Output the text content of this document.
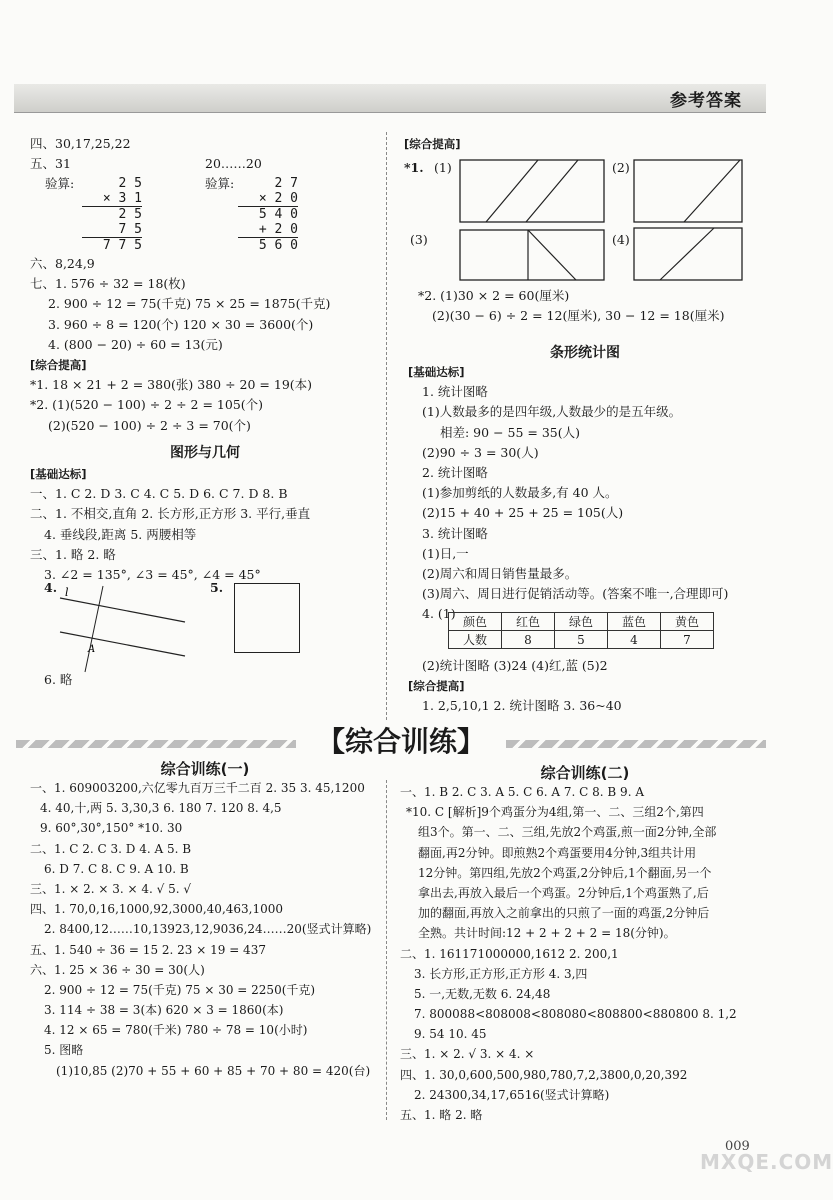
参考答案
四、30,17,25,22
五、31	20……20
验算:	验算:
2 5
× 3 1
2 5
7 5
7 7 5
2 7
× 2 0
5 4 0
+ 2 0
5 6 0
六、8,24,9
七、1. 576 ÷ 32 = 18(枚)
2. 900 ÷ 12 = 75(千克) 75 × 25 = 1875(千克)
3. 960 ÷ 8 = 120(个) 120 × 30 = 3600(个)
4. (800 − 20) ÷ 60 = 13(元)
[综合提高]
*1. 18 × 21 + 2 = 380(张) 380 ÷ 20 = 19(本)
*2. (1)(520 − 100) ÷ 2 ÷ 2 = 105(个)
(2)(520 − 100) ÷ 2 ÷ 3 = 70(个)
图形与几何
[基础达标]
一、1. C 2. D 3. C 4. C 5. D 6. C 7. D 8. B
二、1. 不相交,直角 2. 长方形,正方形 3. 平行,垂直
4. 垂线段,距离 5. 两腰相等
三、1. 略 2. 略
3. ∠2 = 135°, ∠3 = 45°, ∠4 = 45°
4.	5.
l
A
6. 略
[综合提高]
*1. (1)	(2)
(3)	(4)
*2. (1)30 × 2 = 60(厘米)
(2)(30 − 6) ÷ 2 = 12(厘米), 30 − 12 = 18(厘米)
条形统计图
[基础达标]
1. 统计图略
(1)人数最多的是四年级,人数最少的是五年级。
相差: 90 − 55 = 35(人)
(2)90 ÷ 3 = 30(人)
2. 统计图略
(1)参加剪纸的人数最多,有 40 人。
(2)15 + 40 + 25 + 25 = 105(人)
3. 统计图略
(1)日,一
(2)周六和周日销售量最多。
(3)周六、周日进行促销活动等。(答案不唯一,合理即可)
4. (1)
颜色	红色	绿色	蓝色	黄色
人数	8	5	4	7
(2)统计图略 (3)24 (4)红,蓝 (5)2
[综合提高]
1. 2,5,10,1 2. 统计图略 3. 36~40
【综合训练】
综合训练(一)
一、1. 609003200,六亿零九百万三千二百 2. 35 3. 45,1200
4. 40,十,两 5. 3,30,3 6. 180 7. 120 8. 4,5
9. 60°,30°,150° *10. 30
二、1. C 2. C 3. D 4. A 5. B
6. D 7. C 8. C 9. A 10. B
三、1. × 2. × 3. × 4. √ 5. √
四、1. 70,0,16,1000,92,3000,40,463,1000
2. 8400,12……10,13923,12,9036,24……20(竖式计算略)
五、1. 540 ÷ 36 = 15 2. 23 × 19 = 437
六、1. 25 × 36 ÷ 30 = 30(人)
2. 900 ÷ 12 = 75(千克) 75 × 30 = 2250(千克)
3. 114 ÷ 38 = 3(本) 620 × 3 = 1860(本)
4. 12 × 65 = 780(千米) 780 ÷ 78 = 10(小时)
5. 图略
(1)10,85 (2)70 + 55 + 60 + 85 + 70 + 80 = 420(台)
综合训练(二)
一、1. B 2. C 3. A 5. C 6. A 7. C 8. B 9. A
*10. C [解析]9个鸡蛋分为4组,第一、二、三组2个,第四
组3个。第一、二、三组,先放2个鸡蛋,煎一面2分钟,全部
翻面,再2分钟。即煎熟2个鸡蛋要用4分钟,3组共计用
12分钟。第四组,先放2个鸡蛋,2分钟后,1个翻面,另一个
拿出去,再放入最后一个鸡蛋。2分钟后,1个鸡蛋熟了,后
加的翻面,再放入之前拿出的只煎了一面的鸡蛋,2分钟后
全熟。共计时间:12 + 2 + 2 + 2 = 18(分钟)。
二、1. 161171000000,1612 2. 200,1
3. 长方形,正方形,正方形 4. 3,四
5. 一,无数,无数 6. 24,48
7. 800088<808008<808080<808800<880800 8. 1,2
9. 54 10. 45
三、1. × 2. √ 3. × 4. ×
四、1. 30,0,600,500,980,780,7,2,3800,0,20,392
2. 24300,34,17,6516(竖式计算略)
五、1. 略 2. 略
009
MXQE.COM
